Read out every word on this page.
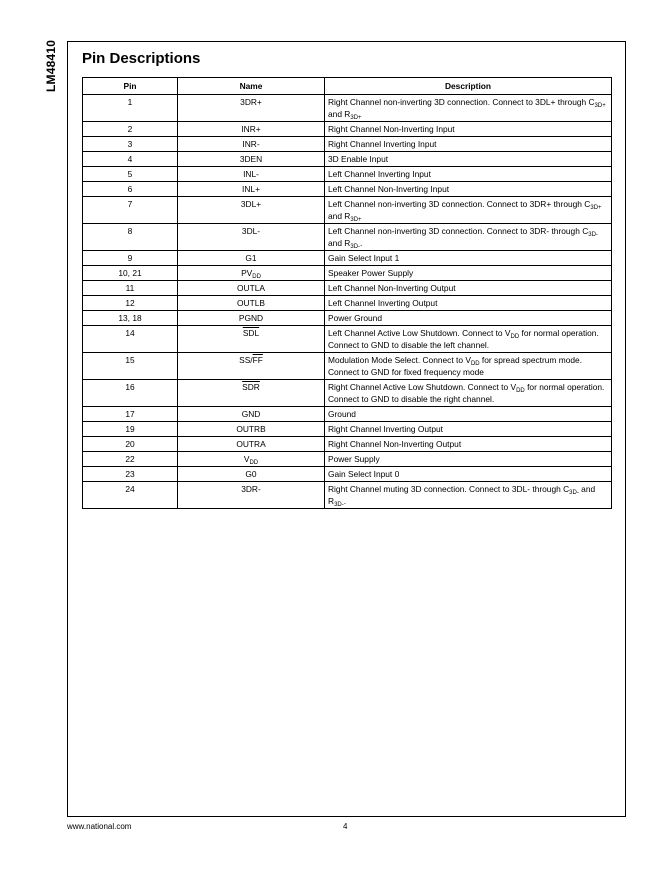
LM48410 Pin Descriptions
Pin	Name	Description
1	3DR+	Right Channel non-inverting 3D connection. Connect to 3DL+ through $C_{3D+}$ and $R_{3D+}$
2	INR+	Right Channel Non-Inverting Input
3	INR-	Right Channel Inverting Input
4	3DEN	3D Enable Input
5	INL-	Left Channel Inverting Input
6	INL+	Left Channel Non-Inverting Input
7	3DL+	Left Channel non-inverting 3D connection. Connect to 3DR+ through $C_{3D+}$ and $R_{3D+}$
8	3DL-	Left Channel non-inverting 3D connection. Connect to 3DR- through $C_{3D-}$ and $R_{3D-}$.
9	G1	Gain Select Input 1
10, 21	$PV_{DD}$	Speaker Power Supply
11	OUTLA	Left Channel Non-Inverting Output
12	OUTLB	Left Channel Inverting Output
13, 18	PGND	Power Ground
14	$\overline{SDL}$	Left Channel Active Low Shutdown. Connect to $V_{DD}$ for normal operation. Connect to GND to disable the left channel.
15	$SS/\overline{FF}$	Modulation Mode Select. Connect to $V_{DD}$ for spread spectrum mode. Connect to GND for fixed frequency mode
16	$\overline{SDR}$	Right Channel Active Low Shutdown. Connect to $V_{DD}$ for normal operation. Connect to GND to disable the right channel.
17	GND	Ground
19	OUTRB	Right Channel Inverting Output
20	OUTRA	Right Channel Non-Inverting Output
22	$V_{DD}$	Power Supply
23	G0	Gain Select Input 0
24	3DR-	Right Channel muting 3D connection. Connect to 3DL- through $C_{3D-}$ and $R_{3D-}$.
www.national.com	4
